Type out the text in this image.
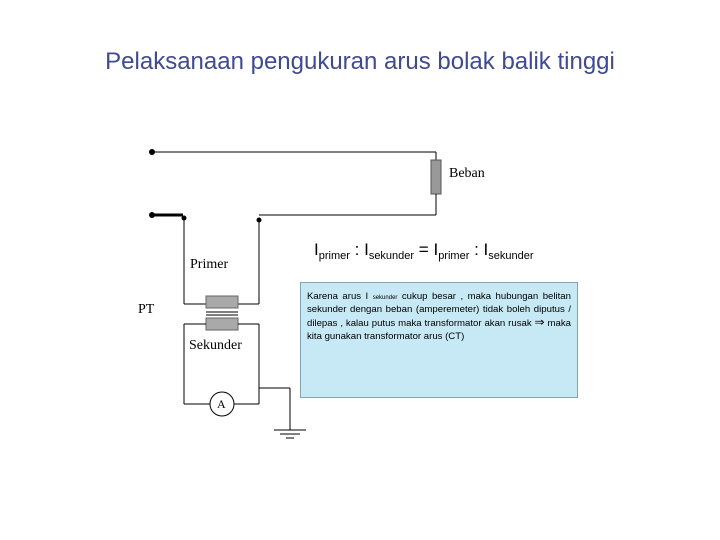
Pelaksanaan pengukuran arus bolak balik tinggi
Beban
Primer
PT
Sekunder
A
$I_{primer}$ : $I_{sekunder} = I_{primer}$ : $I_{sekunder}$
Karena arus I sekunder cukup besar , maka hubungan belitan sekunder dengan beban (amperemeter) tidak boleh diputus / dilepas , kalau putus maka transformator akan rusak ⇒ maka kita gunakan transformator arus (CT)
